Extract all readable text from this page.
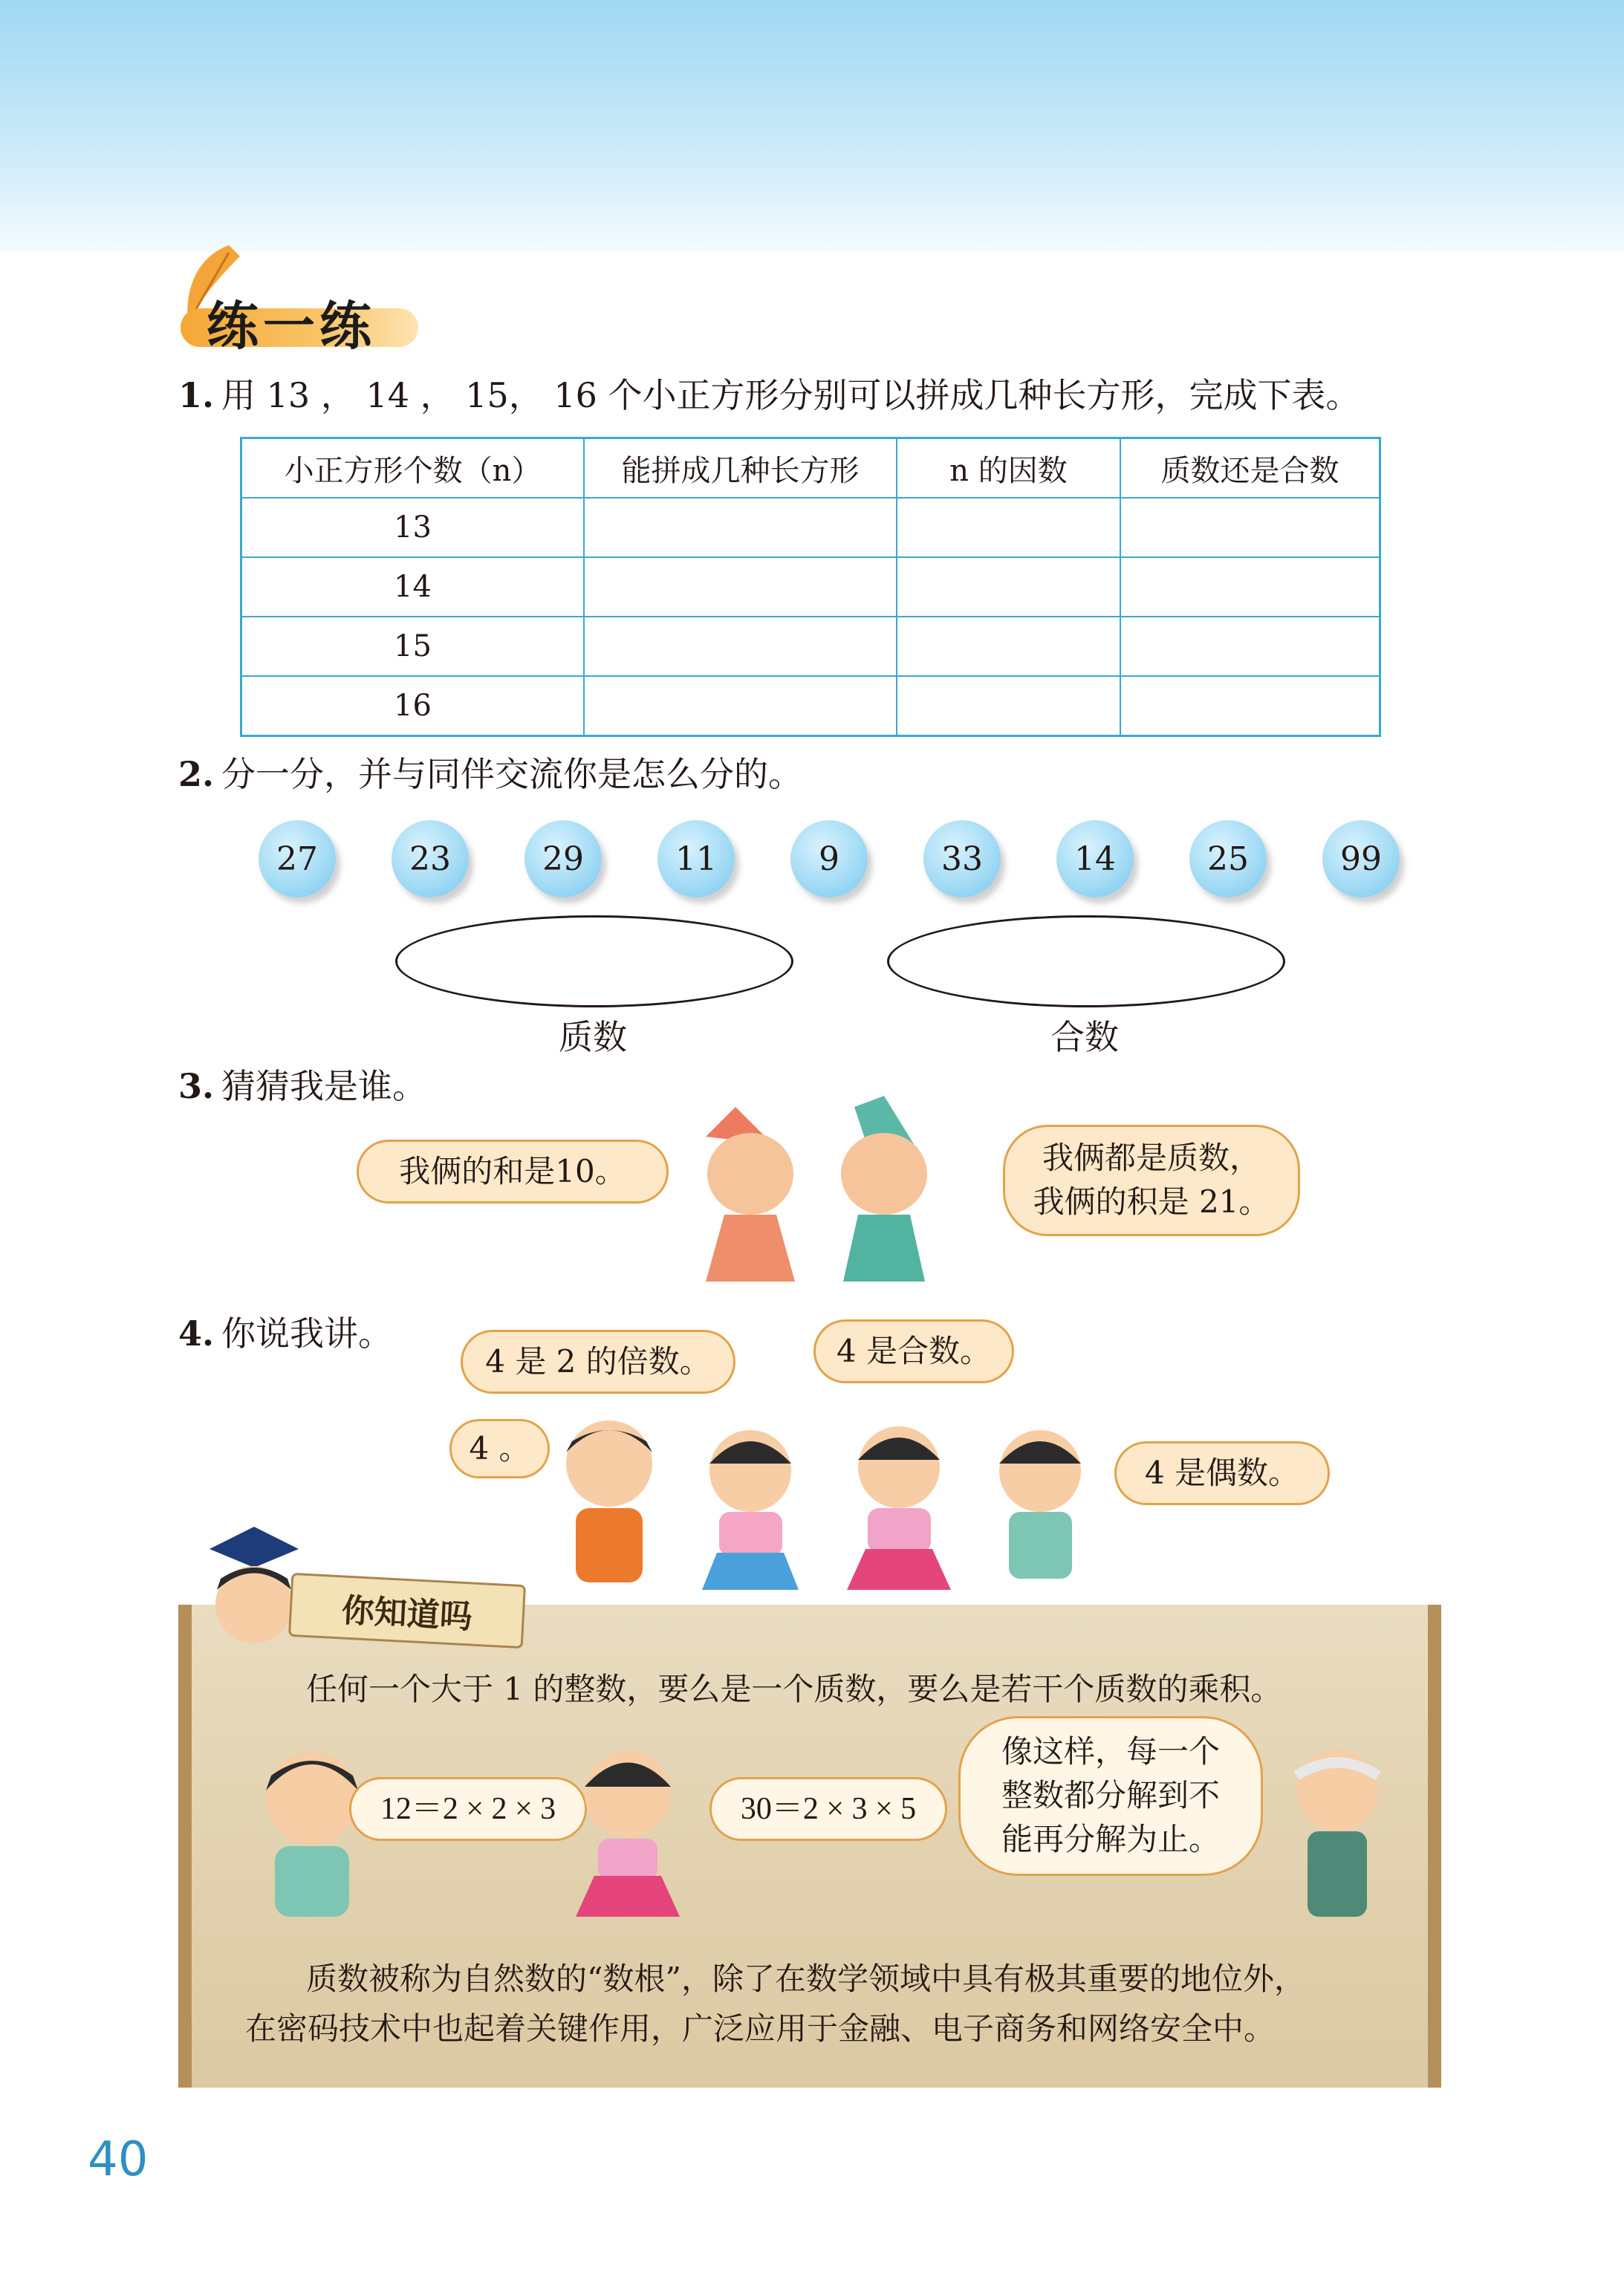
练一练
1. 用 13 ， 14 ， 15， 16 个小正方形分别可以拼成几种长方形，完成下表。
小正方形个数（n）	能拼成几种长方形	n 的因数	质数还是合数
13			
14			
15			
16			
2. 分一分，并与同伴交流你是怎么分的。
27	23	29	11	9	33	14	25	99
质数	合数
3. 猜猜我是谁。
我俩的和是10。	我俩都是质数，
我俩的积是 21。
4. 你说我讲。
4 是 2 的倍数。	4 是合数。
4 。
4 是偶数。
你知道吗
任何一个大于 1 的整数，要么是一个质数，要么是若干个质数的乘积。
12＝2 × 2 × 3	30＝2 × 3 × 5
像这样，每一个
整数都分解到不
能再分解为止。
质数被称为自然数的“数根”，除了在数学领域中具有极其重要的地位外，
在密码技术中也起着关键作用，广泛应用于金融、电子商务和网络安全中。
40
